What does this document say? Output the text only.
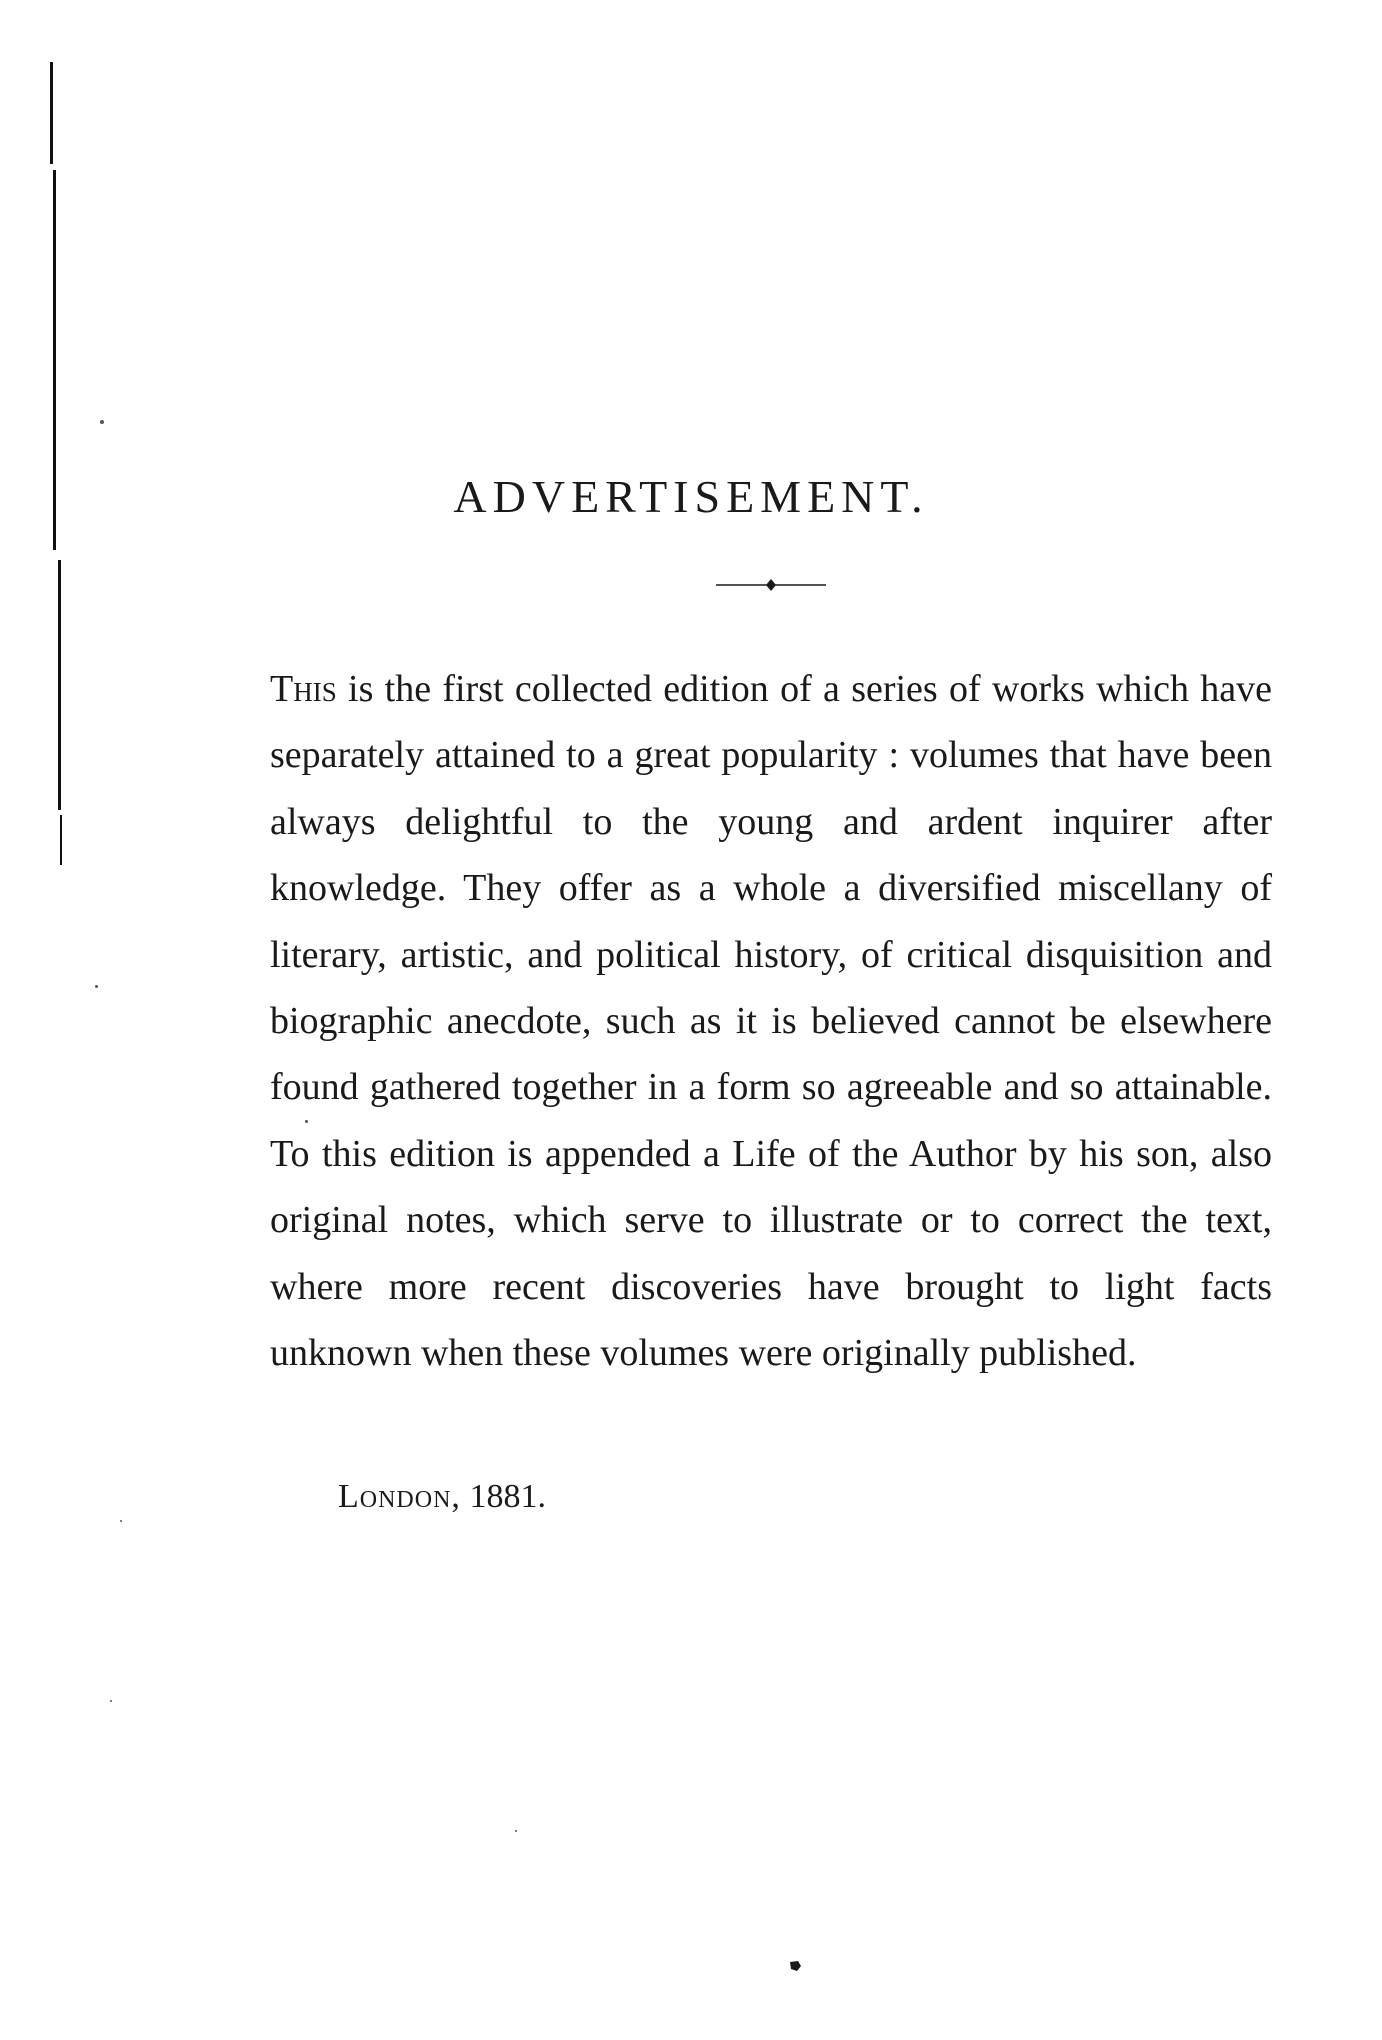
ADVERTISEMENT.

This is the first collected edition of a series of works which have separately attained to a great popularity : volumes that have been always delightful to the young and ardent inquirer after knowledge. They offer as a whole a diversified miscellany of literary, artistic, and political history, of critical disquisition and biographic anecdote, such as it is believed cannot be elsewhere found gathered together in a form so agreeable and so attainable. To this edition is appended a Life of the Author by his son, also original notes, which serve to illustrate or to correct the text, where more recent discoveries have brought to light facts unknown when these volumes were originally published.

London, 1881.
